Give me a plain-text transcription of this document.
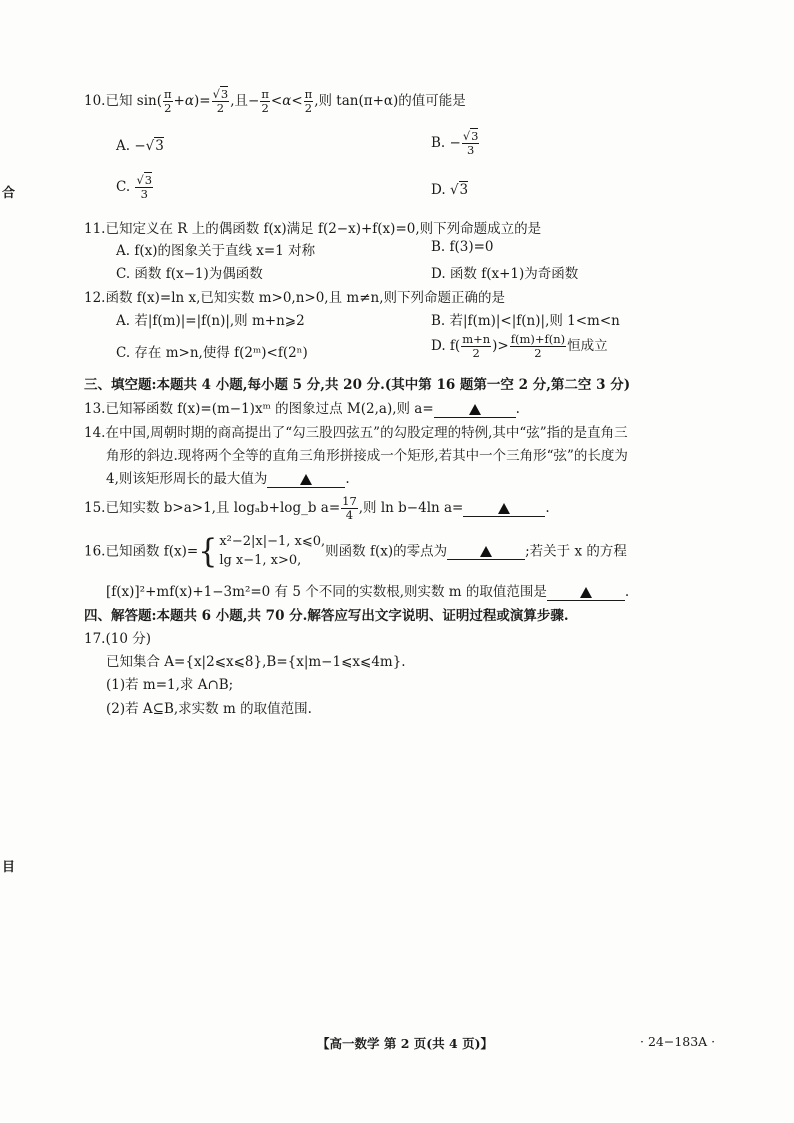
合
目
10.已知 $\sin( \frac{\pi}{2} +\alpha)= \frac{√3}{2}$ ,且− $\frac{\pi}{2} <\alpha< \frac{\pi}{2}$ ,则 tan(π+α)的值可能是
A. −√3	B. − $\frac{√3}{3}$
C. $\frac{√3}{3}$	D. √3
11.已知定义在 R 上的偶函数 f(x)满足 f(2−x)+f(x)=0,则下列命题成立的是
A. f(x)的图象关于直线 x=1 对称	B. f(3)=0
C. 函数 f(x−1)为偶函数	D. 函数 f(x+1)为奇函数
12.函数 f(x)=ln x,已知实数 m>0,n>0,且 m≠n,则下列命题正确的是
A. 若|f(m)|=|f(n)|,则 m+n⩾2	B. 若|f(m)|<|f(n)|,则 1<m<n
C. 存在 m>n,使得 f(2ᵐ)<f(2ⁿ)	D. $f( \frac{m+n}{2}$ )> $\frac{f(m)+f(n)}{2}$ 恒成立
三、填空题:本题共 4 小题,每小题 5 分,共 20 分.(其中第 16 题第一空 2 分,第二空 3 分)
13.已知幂函数 f(x)=(m−1)xᵐ 的图象过点 M(2,a),则 a=	.
14.在中国,周朝时期的商高提出了“勾三股四弦五”的勾股定理的特例,其中“弦”指的是直角三
角形的斜边.现将两个全等的直角三角形拼接成一个矩形,若其中一个三角形“弦”的长度为
4,则该矩形周长的最大值为	.
15.已知实数 b>a>1,且 logₐb+log_b $a= \frac{17}{4}$ ,则 ln b−4ln a=	.
16.已知函数 f(x)={ x²−2|x|−1, x⩽0,
lg x−1, x>0,
则函数 f(x)的零点为	;若关于 x 的方程
[f(x)]²+mf(x)+1−3m²=0 有 5 个不同的实数根,则实数 m 的取值范围是	.
四、解答题:本题共 6 小题,共 70 分.解答应写出文字说明、证明过程或演算步骤.
17.(10 分)
已知集合 A={x|2⩽x⩽8},B={x|m−1⩽x⩽4m}.
(1)若 m=1,求 A∩B;
(2)若 A⊆B,求实数 m 的取值范围.
【高一数学 第 2 页(共 4 页)】	· 24−183A ·
